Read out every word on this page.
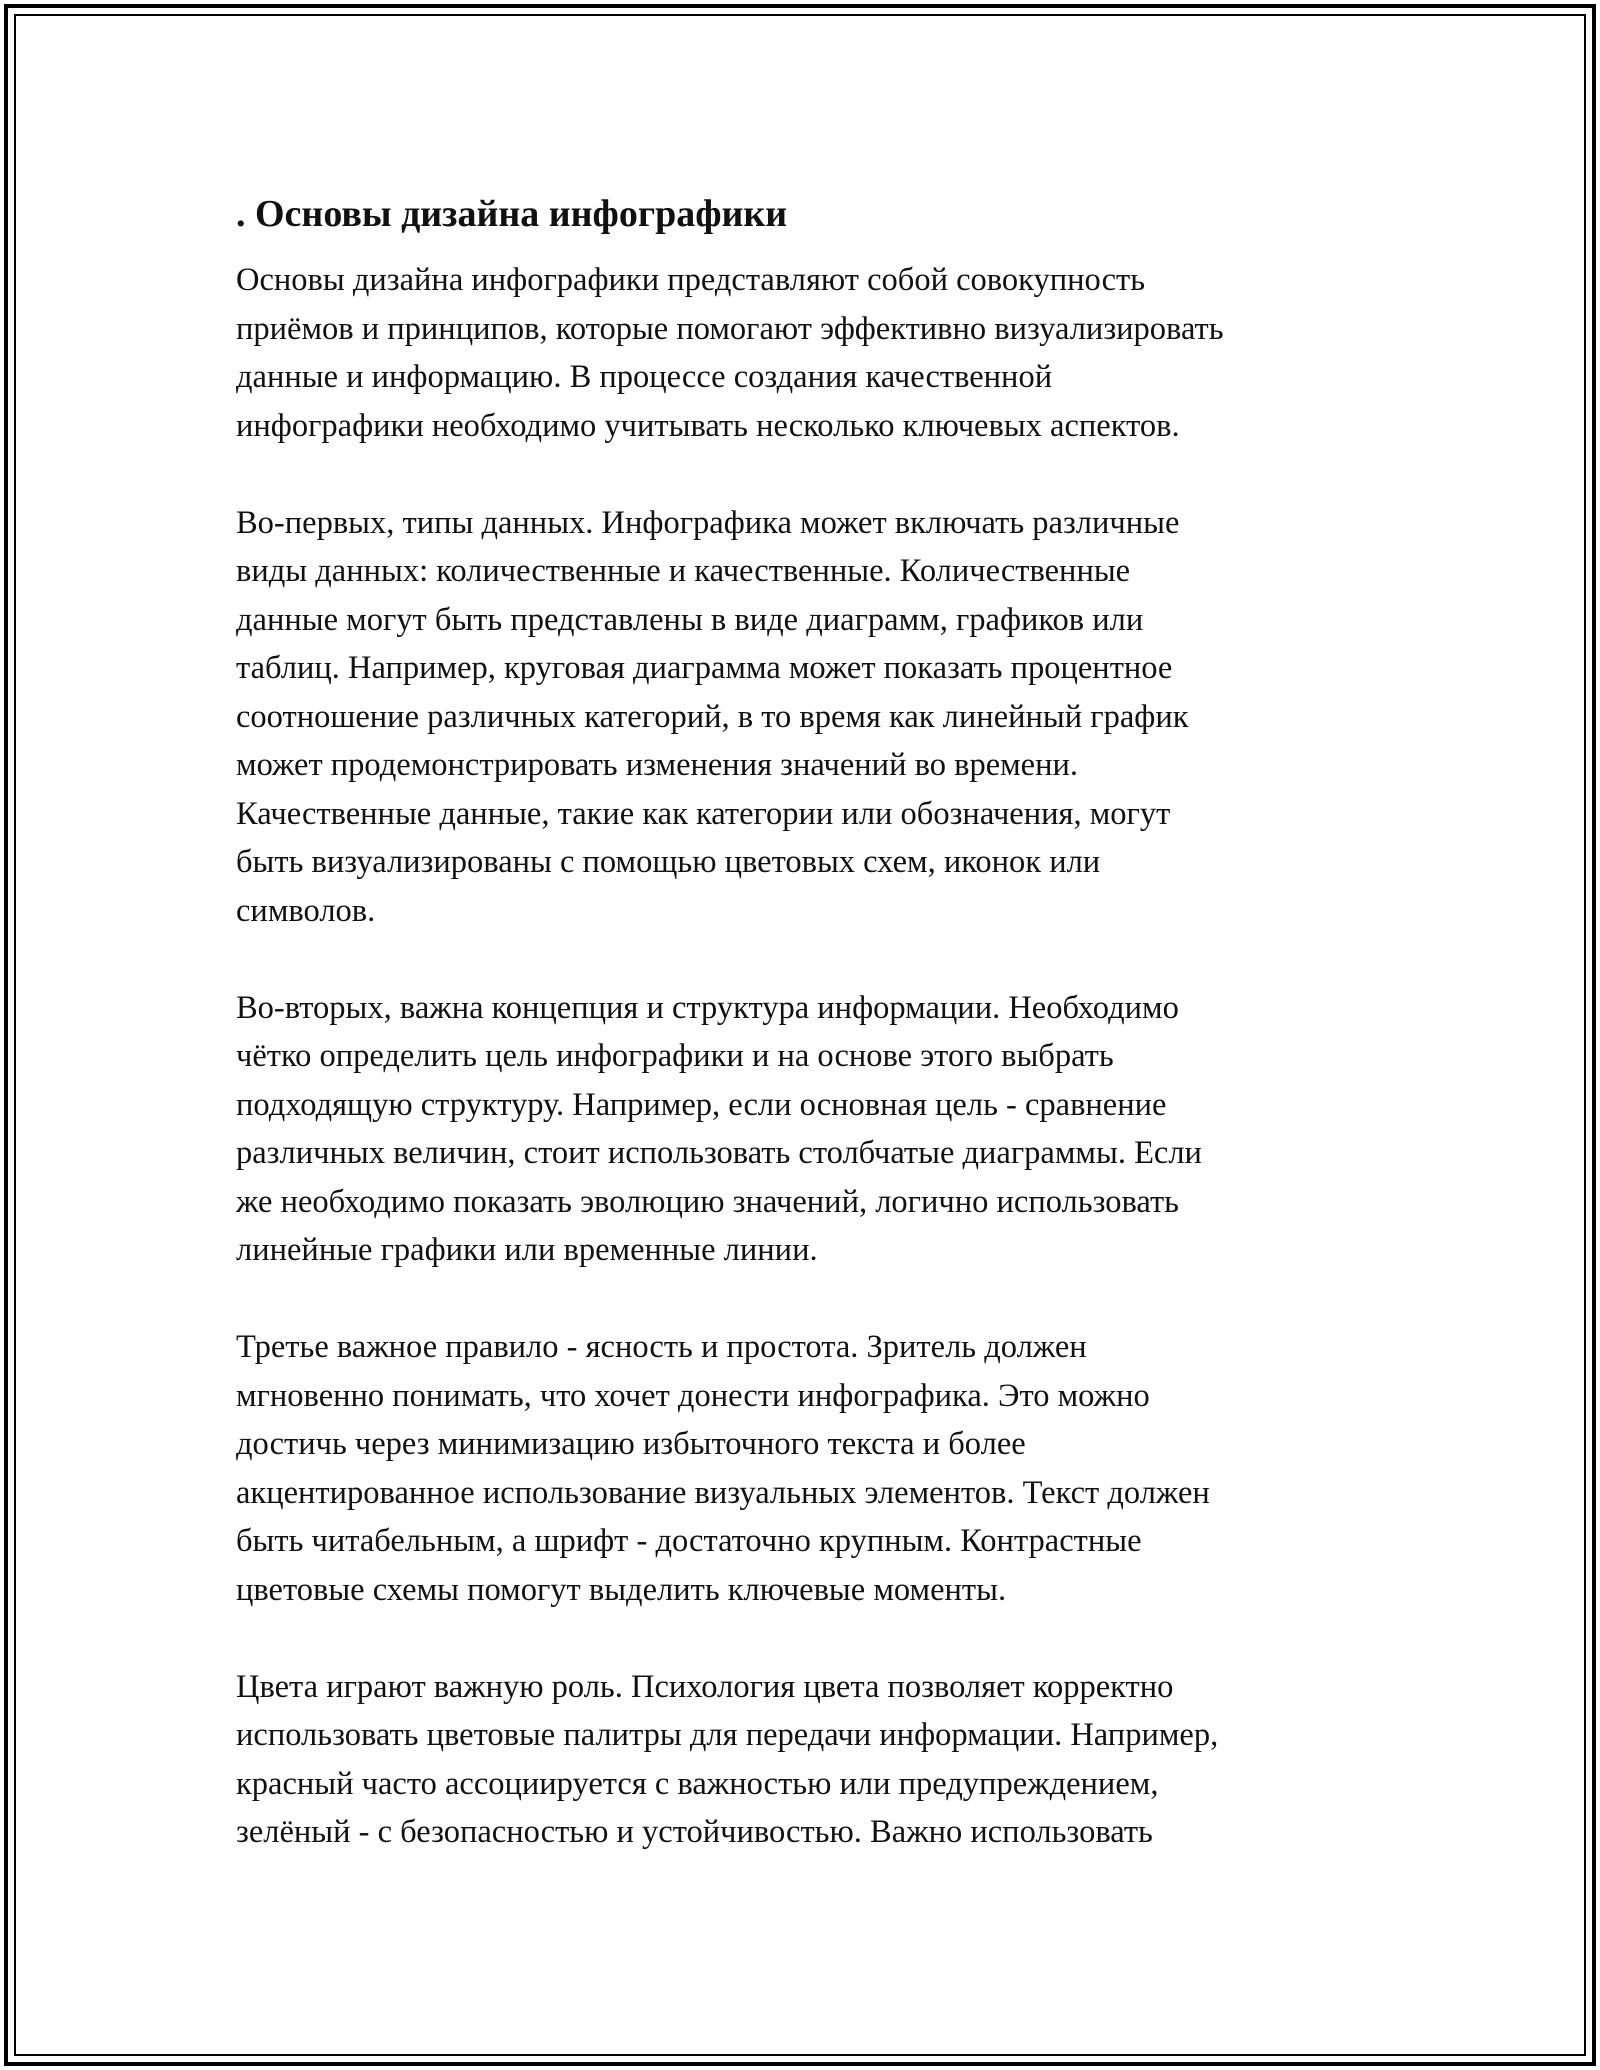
. Основы дизайна инфографики
Основы дизайна инфографики представляют собой совокупность
приёмов и принципов, которые помогают эффективно визуализировать
данные и информацию. В процессе создания качественной
инфографики необходимо учитывать несколько ключевых аспектов.
Во-первых, типы данных. Инфографика может включать различные
виды данных: количественные и качественные. Количественные
данные могут быть представлены в виде диаграмм, графиков или
таблиц. Например, круговая диаграмма может показать процентное
соотношение различных категорий, в то время как линейный график
может продемонстрировать изменения значений во времени.
Качественные данные, такие как категории или обозначения, могут
быть визуализированы с помощью цветовых схем, иконок или
символов.
Во-вторых, важна концепция и структура информации. Необходимо
чётко определить цель инфографики и на основе этого выбрать
подходящую структуру. Например, если основная цель - сравнение
различных величин, стоит использовать столбчатые диаграммы. Если
же необходимо показать эволюцию значений, логично использовать
линейные графики или временные линии.
Третье важное правило - ясность и простота. Зритель должен
мгновенно понимать, что хочет донести инфографика. Это можно
достичь через минимизацию избыточного текста и более
акцентированное использование визуальных элементов. Текст должен
быть читабельным, а шрифт - достаточно крупным. Контрастные
цветовые схемы помогут выделить ключевые моменты.
Цвета играют важную роль. Психология цвета позволяет корректно
использовать цветовые палитры для передачи информации. Например,
красный часто ассоциируется с важностью или предупреждением,
зелёный - с безопасностью и устойчивостью. Важно использовать
